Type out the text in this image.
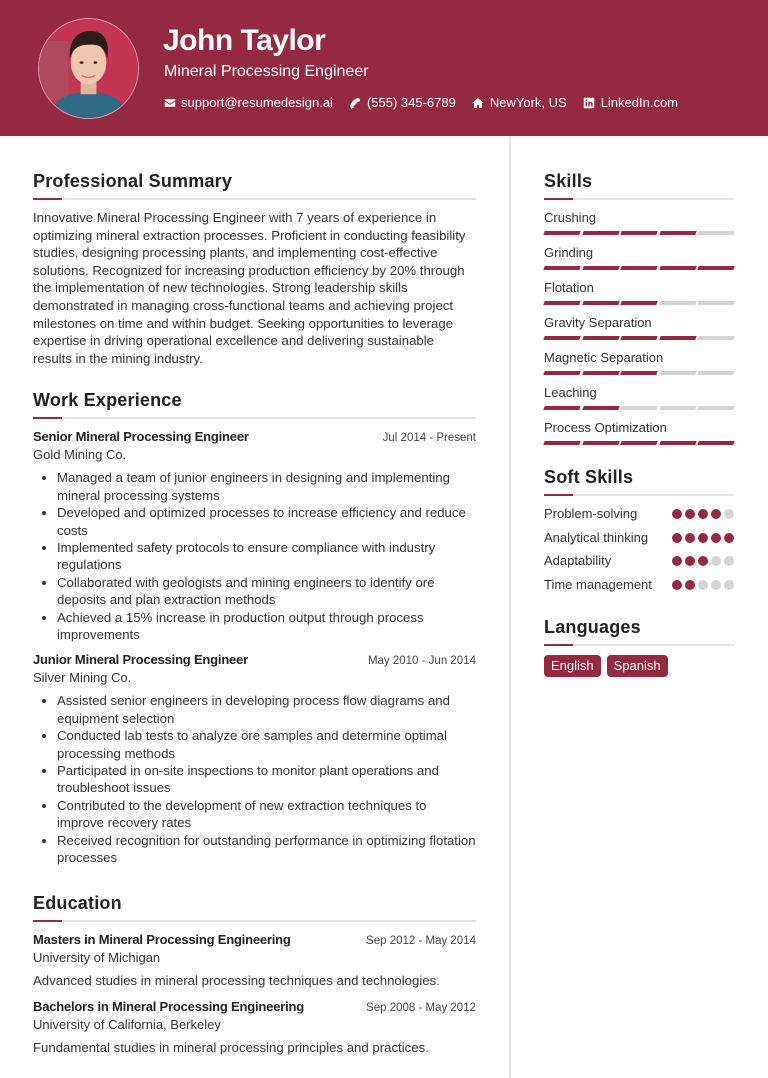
John Taylor
Mineral Processing Engineer
support@resumedesign.ai	(555) 345-6789	NewYork, US	LinkedIn.com
Professional Summary

Innovative Mineral Processing Engineer with 7 years of experience in optimizing mineral extraction processes. Proficient in conducting feasibility studies, designing processing plants, and implementing cost-effective solutions. Recognized for increasing production efficiency by 20% through the implementation of new technologies. Strong leadership skills demonstrated in managing cross-functional teams and achieving project milestones on time and within budget. Seeking opportunities to leverage expertise in driving operational excellence and delivering sustainable results in the mining industry.

Work Experience
Senior Mineral Processing Engineer	Jul 2014 - Present
Gold Mining Co.
Managed a team of junior engineers in designing and implementing mineral processing systems
Developed and optimized processes to increase efficiency and reduce costs
Implemented safety protocols to ensure compliance with industry regulations
Collaborated with geologists and mining engineers to identify ore deposits and plan extraction methods
Achieved a 15% increase in production output through process improvements
Junior Mineral Processing Engineer	May 2010 - Jun 2014
Silver Mining Co.
Assisted senior engineers in developing process flow diagrams and equipment selection
Conducted lab tests to analyze ore samples and determine optimal processing methods
Participated in on-site inspections to monitor plant operations and troubleshoot issues
Contributed to the development of new extraction techniques to improve recovery rates
Received recognition for outstanding performance in optimizing flotation processes
Education
Masters in Mineral Processing Engineering	Sep 2012 - May 2014
University of Michigan
Advanced studies in mineral processing techniques and technologies.
Bachelors in Mineral Processing Engineering	Sep 2008 - May 2012
University of California, Berkeley
Fundamental studies in mineral processing principles and practices.
Skills
Crushing
Grinding
Flotation
Gravity Separation
Magnetic Separation
Leaching
Process Optimization
Soft Skills
Problem-solving
Analytical thinking
Adaptability
Time management
Languages
English	Spanish
